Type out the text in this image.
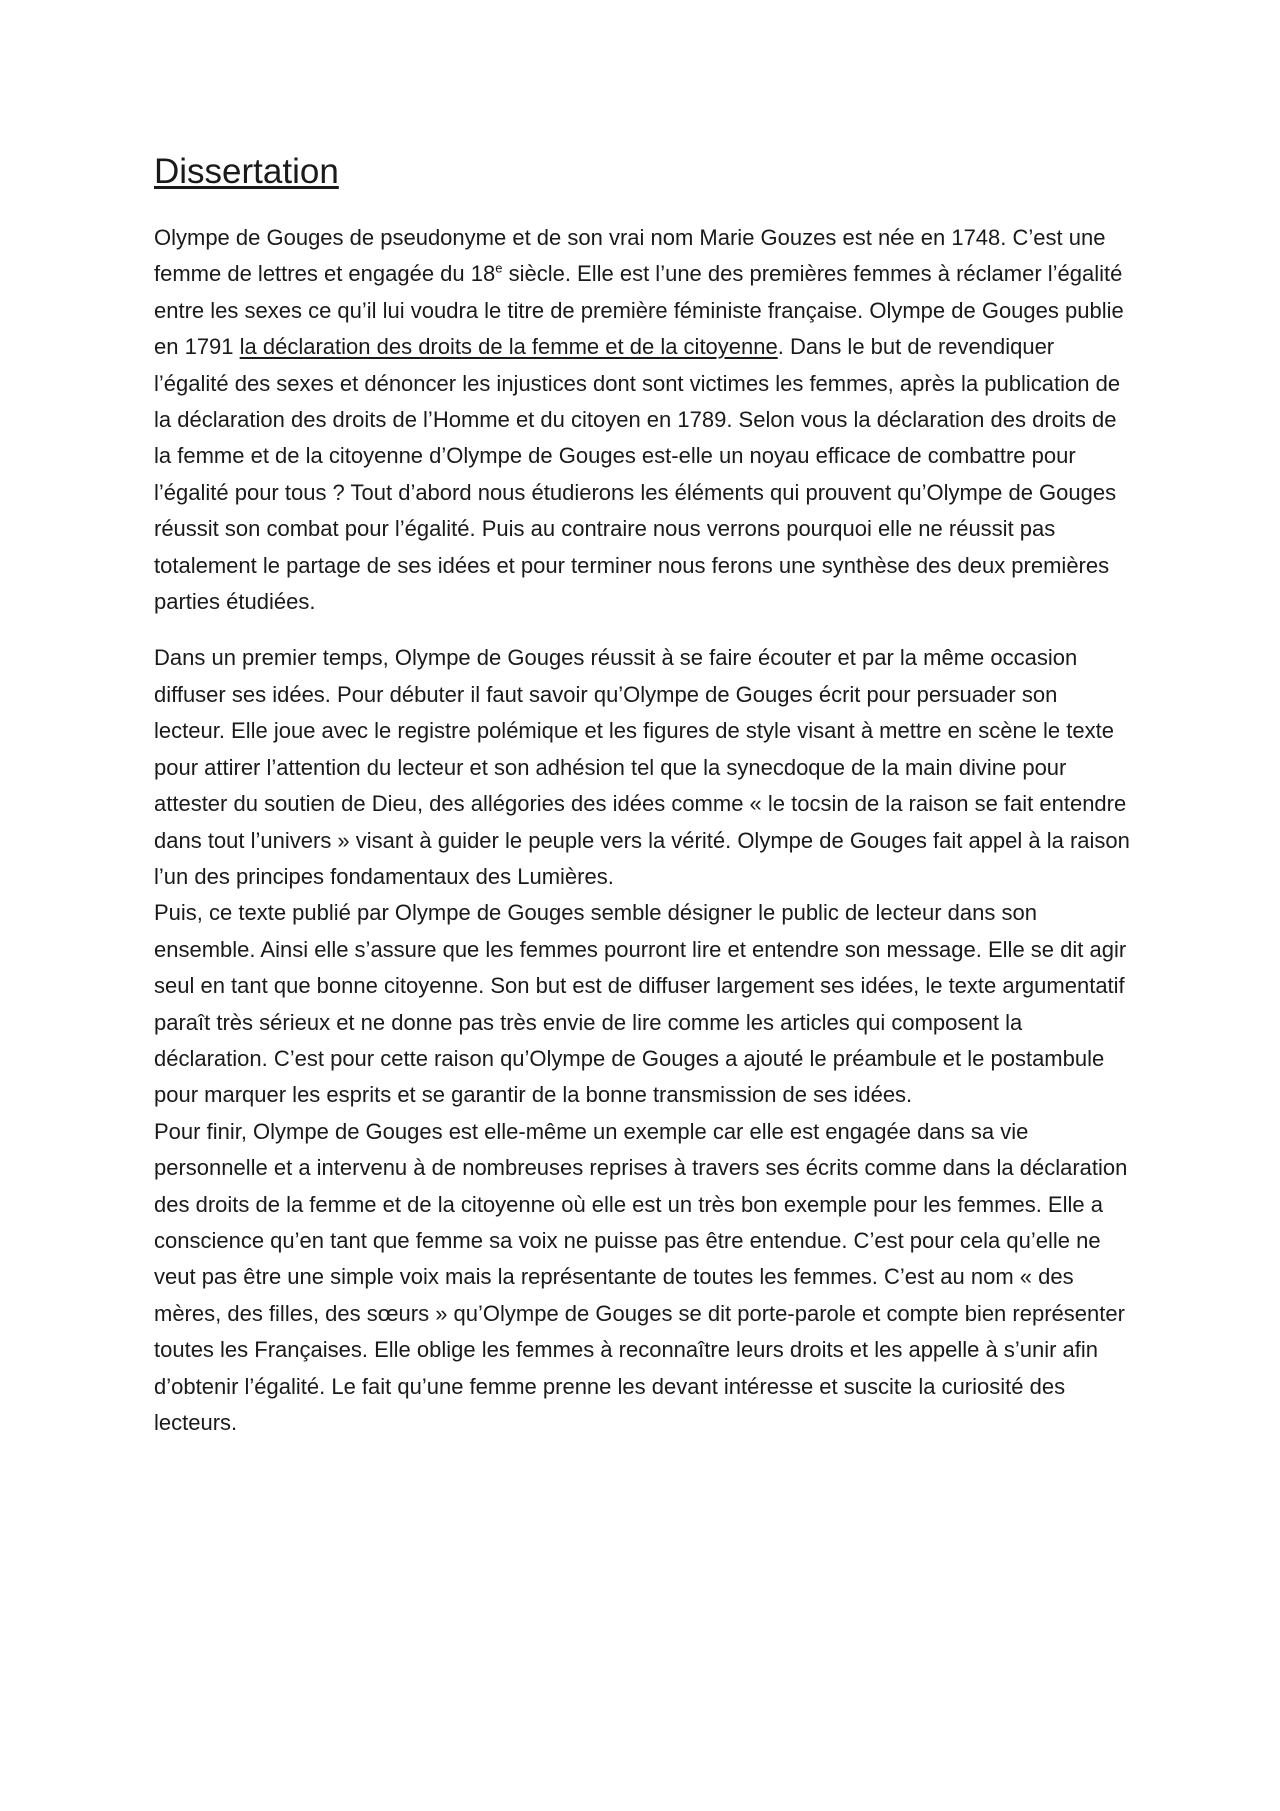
Dissertation

Olympe de Gouges de pseudonyme et de son vrai nom Marie Gouzes est née en 1748. C’est une femme de lettres et engagée du 18e siècle. Elle est l’une des premières femmes à réclamer l’égalité entre les sexes ce qu’il lui voudra le titre de première féministe française. Olympe de Gouges publie en 1791 la déclaration des droits de la femme et de la citoyenne. Dans le but de revendiquer l’égalité des sexes et dénoncer les injustices dont sont victimes les femmes, après la publication de la déclaration des droits de l’Homme et du citoyen en 1789. Selon vous la déclaration des droits de la femme et de la citoyenne d’Olympe de Gouges est-elle un noyau efficace de combattre pour l’égalité pour tous ? Tout d’abord nous étudierons les éléments qui prouvent qu’Olympe de Gouges réussit son combat pour l’égalité. Puis au contraire nous verrons pourquoi elle ne réussit pas totalement le partage de ses idées et pour terminer nous ferons une synthèse des deux premières parties étudiées.

Dans un premier temps, Olympe de Gouges réussit à se faire écouter et par la même occasion diffuser ses idées. Pour débuter il faut savoir qu’Olympe de Gouges écrit pour persuader son lecteur. Elle joue avec le registre polémique et les figures de style visant à mettre en scène le texte pour attirer l’attention du lecteur et son adhésion tel que la synecdoque de la main divine pour attester du soutien de Dieu, des allégories des idées comme « le tocsin de la raison se fait entendre dans tout l’univers » visant à guider le peuple vers la vérité. Olympe de Gouges fait appel à la raison l’un des principes fondamentaux des Lumières.

Puis, ce texte publié par Olympe de Gouges semble désigner le public de lecteur dans son ensemble. Ainsi elle s’assure que les femmes pourront lire et entendre son message. Elle se dit agir seul en tant que bonne citoyenne. Son but est de diffuser largement ses idées, le texte argumentatif paraît très sérieux et ne donne pas très envie de lire comme les articles qui composent la déclaration. C’est pour cette raison qu’Olympe de Gouges a ajouté le préambule et le postambule pour marquer les esprits et se garantir de la bonne transmission de ses idées.

Pour finir, Olympe de Gouges est elle-même un exemple car elle est engagée dans sa vie personnelle et a intervenu à de nombreuses reprises à travers ses écrits comme dans la déclaration des droits de la femme et de la citoyenne où elle est un très bon exemple pour les femmes. Elle a conscience qu’en tant que femme sa voix ne puisse pas être entendue. C’est pour cela qu’elle ne veut pas être une simple voix mais la représentante de toutes les femmes. C’est au nom « des mères, des filles, des sœurs » qu’Olympe de Gouges se dit porte-parole et compte bien représenter toutes les Françaises. Elle oblige les femmes à reconnaître leurs droits et les appelle à s’unir afin d’obtenir l’égalité. Le fait qu’une femme prenne les devant intéresse et suscite la curiosité des lecteurs.
